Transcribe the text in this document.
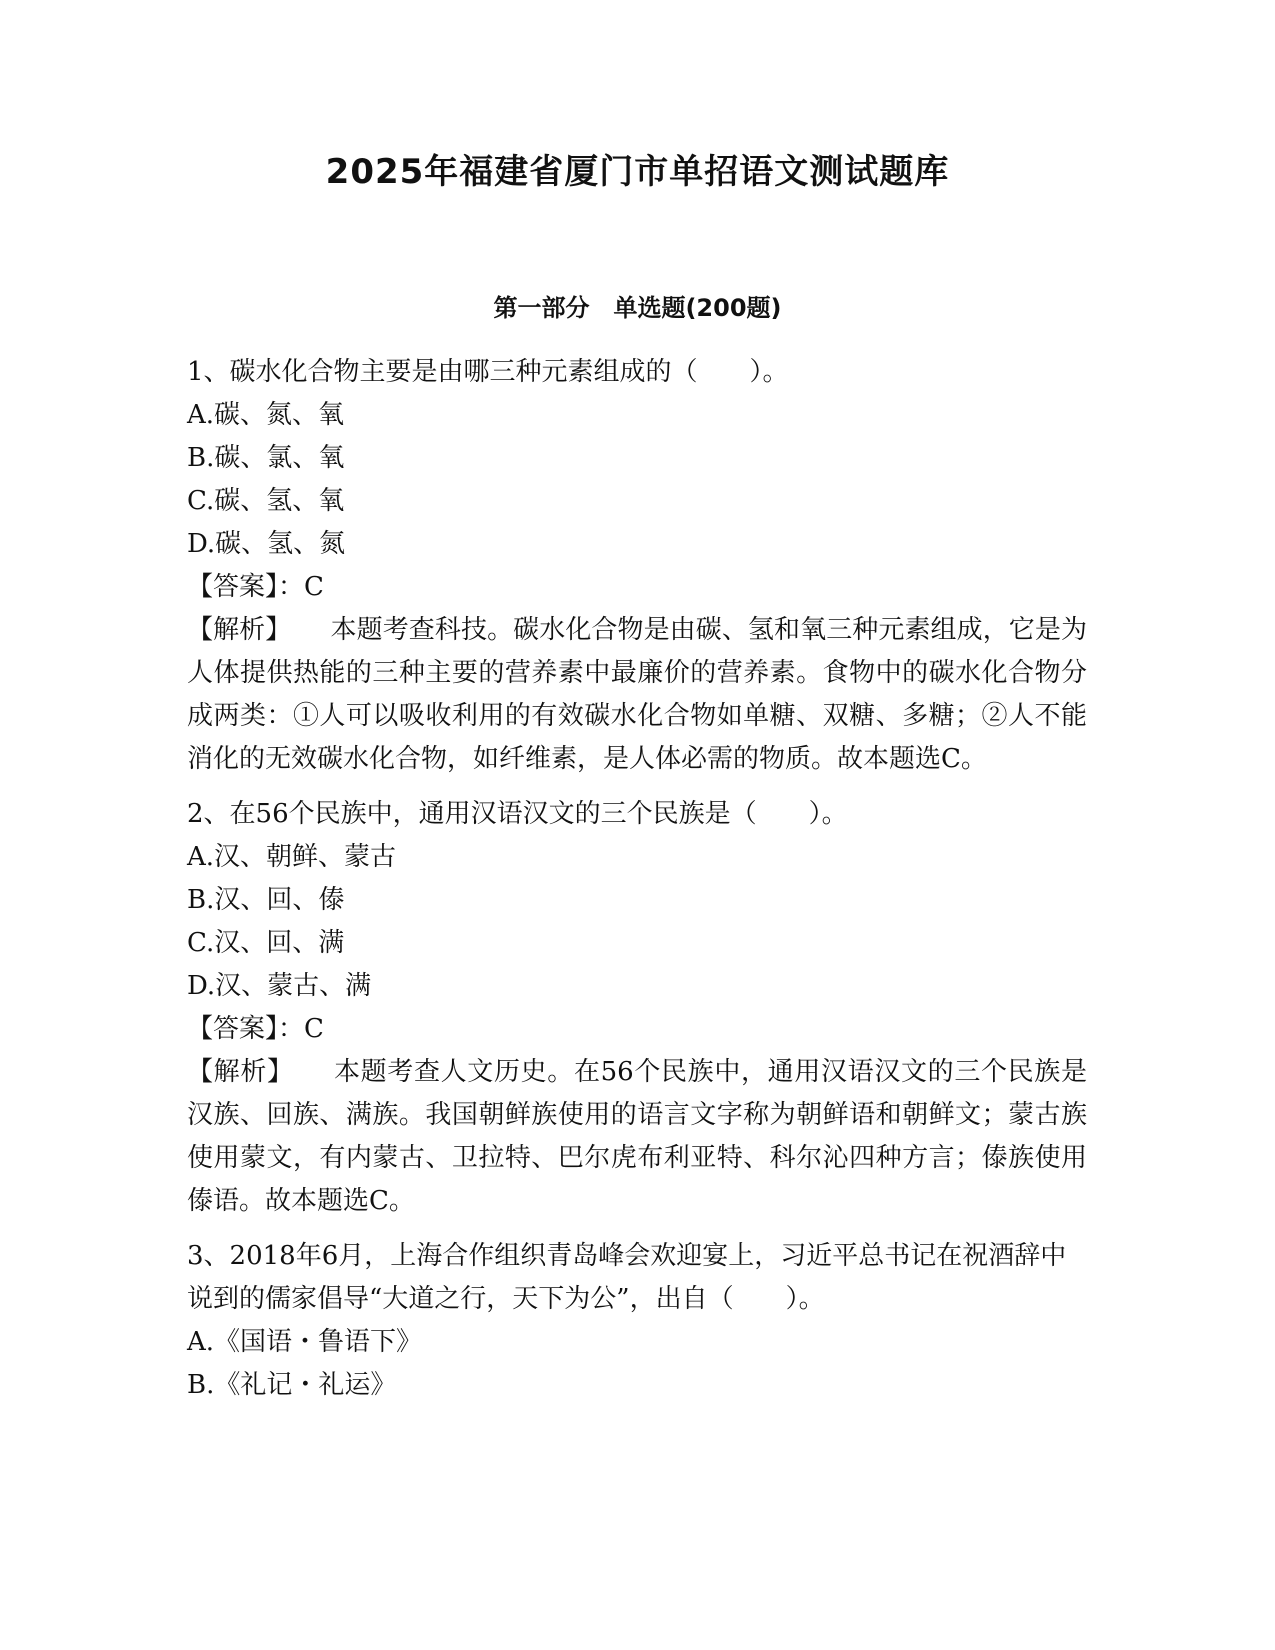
2025年福建省厦门市单招语文测试题库
第一部分　单选题(200题)

1、碳水化合物主要是由哪三种元素组成的（　　）。

A.碳、氮、氧

B.碳、氯、氧

C.碳、氢、氧

D.碳、氢、氮

【答案】：C

【解析】　　 本题考查科技。碳水化合物是由碳、氢和氧三种元素组成，它是为人体提供热能的三种主要的营养素中最廉价的营养素。食物中的碳水化合物分成两类：①人可以吸收利用的有效碳水化合物如单糖、双糖、多糖；②人不能消化的无效碳水化合物，如纤维素，是人体必需的物质。故本题选C。

2、在56个民族中，通用汉语汉文的三个民族是（　　）。

A.汉、朝鲜、蒙古

B.汉、回、傣

C.汉、回、满

D.汉、蒙古、满

【答案】：C

【解析】　　 本题考查人文历史。在56个民族中，通用汉语汉文的三个民族是汉族、回族、满族。我国朝鲜族使用的语言文字称为朝鲜语和朝鲜文；蒙古族使用蒙文，有内蒙古、卫拉特、巴尔虎布利亚特、科尔沁四种方言；傣族使用傣语。故本题选C。

3、2018年6月，上海合作组织青岛峰会欢迎宴上，习近平总书记在祝酒辞中说到的儒家倡导“大道之行，天下为公”，出自（　　）。

A.《国语・鲁语下》

B.《礼记・礼运》
